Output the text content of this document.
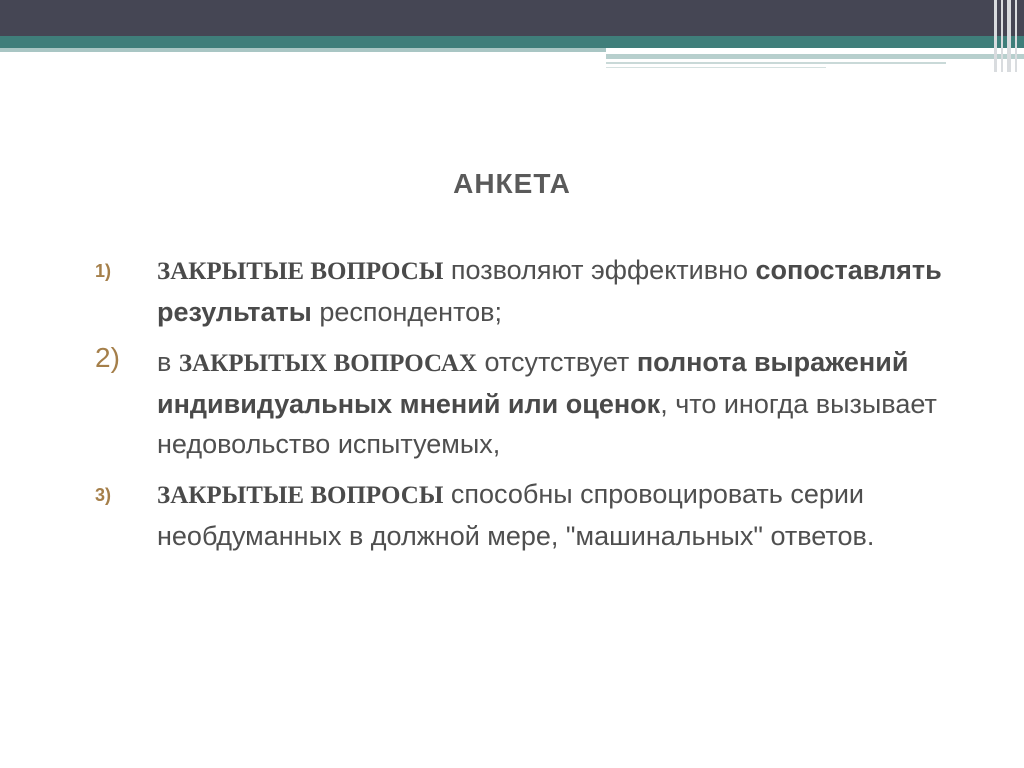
АНКЕТА
1) ЗАКРЫТЫЕ ВОПРОСЫ позволяют эффективно сопоставлять результаты респондентов;
2) в ЗАКРЫТЫХ ВОПРОСАХ отсутствует полнота выражений индивидуальных мнений или оценок, что иногда вызывает недовольство испытуемых,
3) ЗАКРЫТЫЕ ВОПРОСЫ способны спровоцировать серии необдуманных в должной мере, "машинальных" ответов.
